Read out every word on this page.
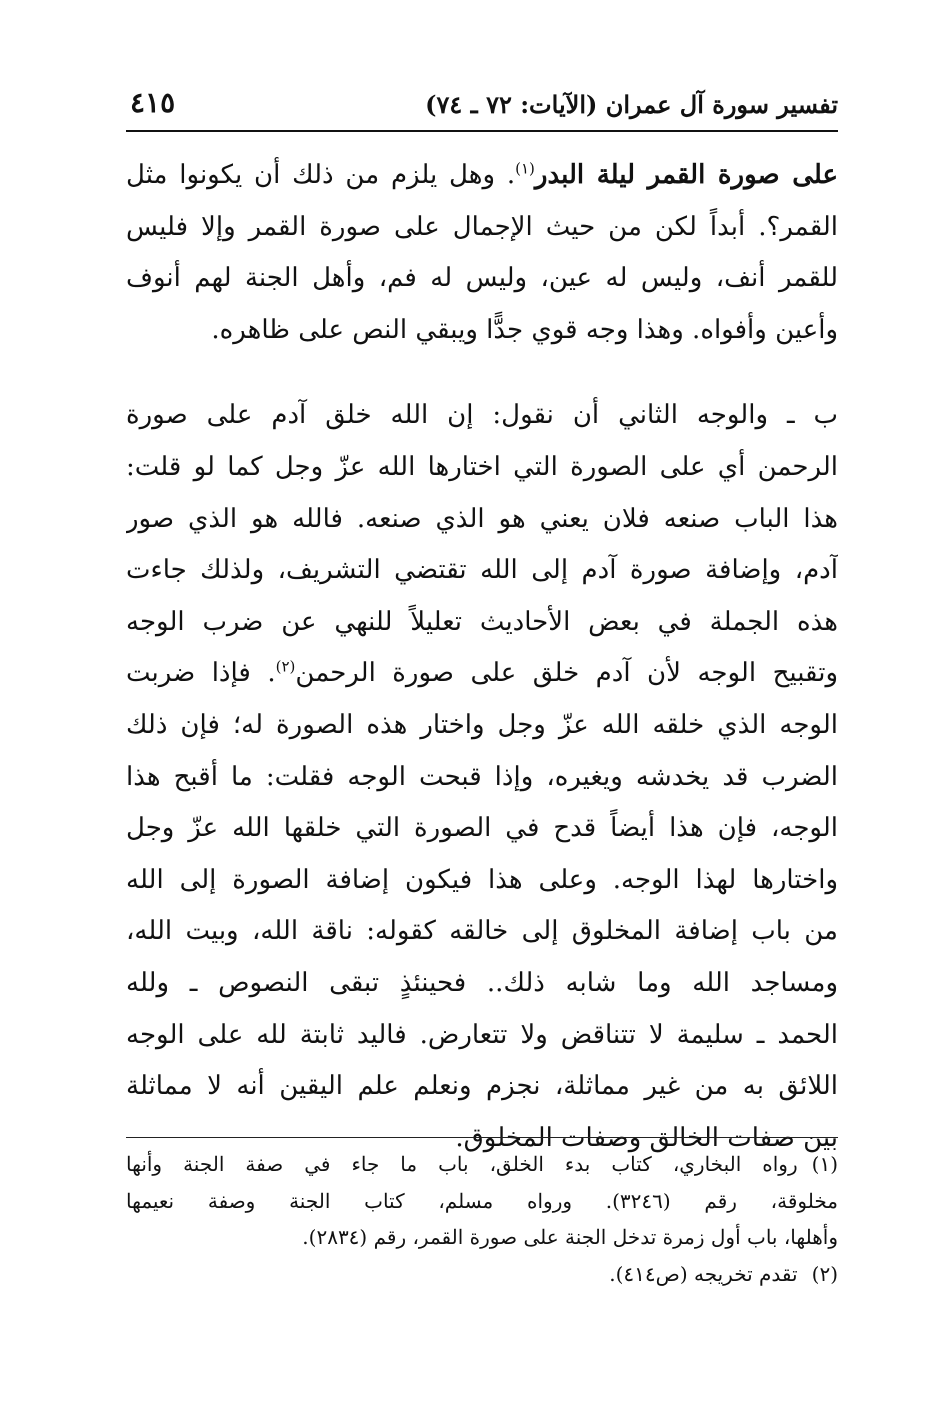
تفسير سورة آل عمران (الآيات: ٧٢ ـ ٧٤)
٤١٥
على صورة القمر ليلة البدر$^{(١)}$. وهل يلزم من ذلك أن يكونوا مثل
القمر؟. أبداً لكن من حيث الإجمال على صورة القمر وإلا فليس
للقمر أنف، وليس له عين، وليس له فم، وأهل الجنة لهم أنوف
وأعين وأفواه. وهذا وجه قوي جدًّا ويبقي النص على ظاهره.
ب ـ والوجه الثاني أن نقول: إن الله خلق آدم على صورة
الرحمن أي على الصورة التي اختارها الله عزّ وجل كما لو قلت:
هذا الباب صنعه فلان يعني هو الذي صنعه. فالله هو الذي صور
آدم، وإضافة صورة آدم إلى الله تقتضي التشريف، ولذلك جاءت
هذه الجملة في بعض الأحاديث تعليلاً للنهي عن ضرب الوجه
وتقبيح الوجه لأن آدم خلق على صورة الرحمن$^{(٢)}$. فإذا ضربت
الوجه الذي خلقه الله عزّ وجل واختار هذه الصورة له؛ فإن ذلك
الضرب قد يخدشه ويغيره، وإذا قبحت الوجه فقلت: ما أقبح هذا
الوجه، فإن هذا أيضاً قدح في الصورة التي خلقها الله عزّ وجل
واختارها لهذا الوجه. وعلى هذا فيكون إضافة الصورة إلى الله
من باب إضافة المخلوق إلى خالقه كقوله: ناقة الله، وبيت الله،
ومساجد الله وما شابه ذلك.. فحينئذٍ تبقى النصوص ـ ولله
الحمد ـ سليمة لا تتناقض ولا تتعارض. فاليد ثابتة لله على الوجه
اللائق به من غير مماثلة، نجزم ونعلم علم اليقين أنه لا مماثلة
بين صفات الخالق وصفات المخلوق.
(١)رواه البخاري، كتاب بدء الخلق، باب ما جاء في صفة الجنة وأنها
مخلوقة، رقم (٣٢٤٦). ورواه مسلم، كتاب الجنة وصفة نعيمها
وأهلها، باب أول زمرة تدخل الجنة على صورة القمر، رقم (٢٨٣٤).
(٢)تقدم تخريجه (ص٤١٤).
